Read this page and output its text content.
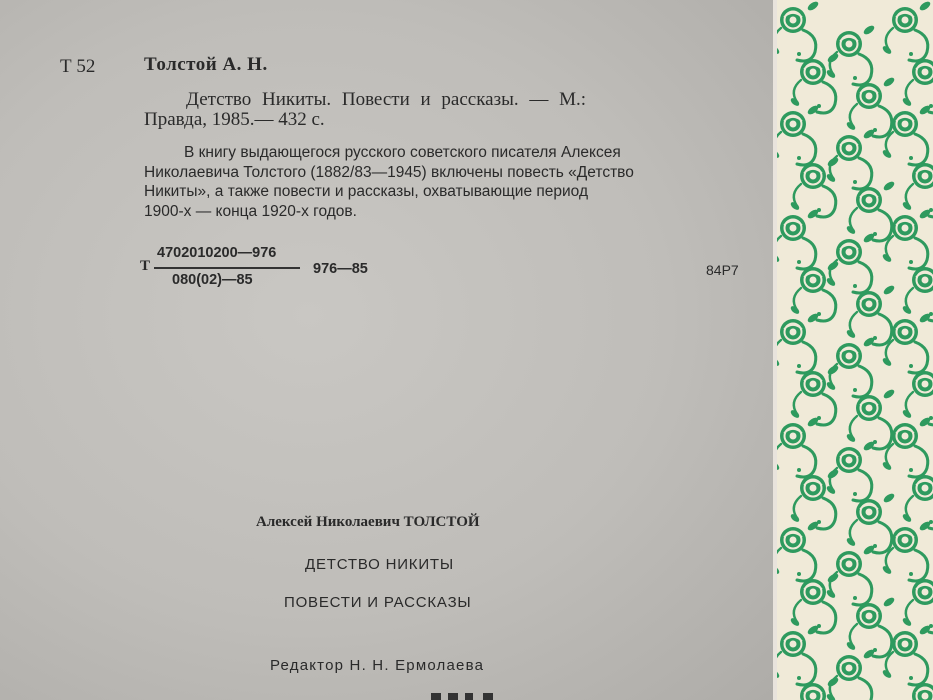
Т 52	Толстой А. Н.
Детство Никиты. Повести и рассказы. — М.:
Правда, 1985.— 432 с.
В книгу выдающегося русского советского писателя Алексея
Николаевича Толстого (1882/83—1945) включены повесть «Детство
Никиты», а также повести и рассказы, охватывающие период
1900-х — конца 1920-х годов.
Т
4702010200—976
080(02)—85
976—85	84Р7
Алексей Николаевич ТОЛСТОЙ
ДЕТСТВО НИКИТЫ
ПОВЕСТИ И РАССКАЗЫ
Редактор Н. Н. Ермолаева
